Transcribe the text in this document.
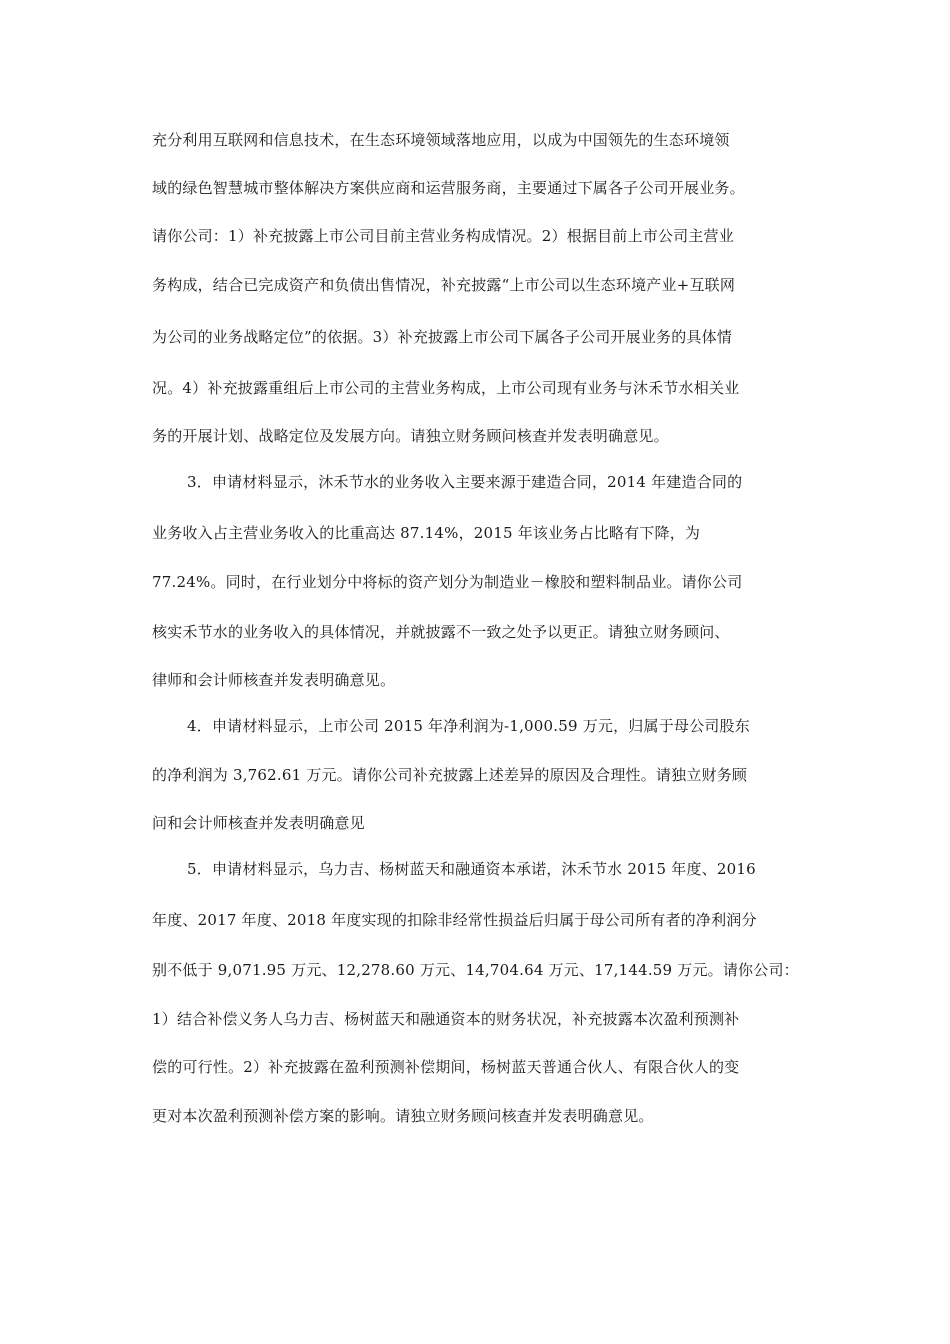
充分利用互联网和信息技术，在生态环境领域落地应用，以成为中国领先的生态环境领
域的绿色智慧城市整体解决方案供应商和运营服务商，主要通过下属各子公司开展业务。
请你公司：1）补充披露上市公司目前主营业务构成情况。2）根据目前上市公司主营业
务构成，结合已完成资产和负债出售情况，补充披露“上市公司以生态环境产业+互联网
为公司的业务战略定位”的依据。3）补充披露上市公司下属各子公司开展业务的具体情
况。4）补充披露重组后上市公司的主营业务构成，上市公司现有业务与沐禾节水相关业
务的开展计划、战略定位及发展方向。请独立财务顾问核查并发表明确意见。
3．申请材料显示，沐禾节水的业务收入主要来源于建造合同，2014 年建造合同的
业务收入占主营业务收入的比重高达 87.14%，2015 年该业务占比略有下降，为
77.24%。同时，在行业划分中将标的资产划分为制造业－橡胶和塑料制品业。请你公司
核实禾节水的业务收入的具体情况，并就披露不一致之处予以更正。请独立财务顾问、
律师和会计师核查并发表明确意见。
4．申请材料显示，上市公司 2015 年净利润为-1,000.59 万元，归属于母公司股东
的净利润为 3,762.61 万元。请你公司补充披露上述差异的原因及合理性。请独立财务顾
问和会计师核查并发表明确意见
5．申请材料显示，乌力吉、杨树蓝天和融通资本承诺，沐禾节水 2015 年度、2016
年度、2017 年度、2018 年度实现的扣除非经常性损益后归属于母公司所有者的净利润分
别不低于 9,071.95 万元、12,278.60 万元、14,704.64 万元、17,144.59 万元。请你公司：
1）结合补偿义务人乌力吉、杨树蓝天和融通资本的财务状况，补充披露本次盈利预测补
偿的可行性。2）补充披露在盈利预测补偿期间，杨树蓝天普通合伙人、有限合伙人的变
更对本次盈利预测补偿方案的影响。请独立财务顾问核查并发表明确意见。
